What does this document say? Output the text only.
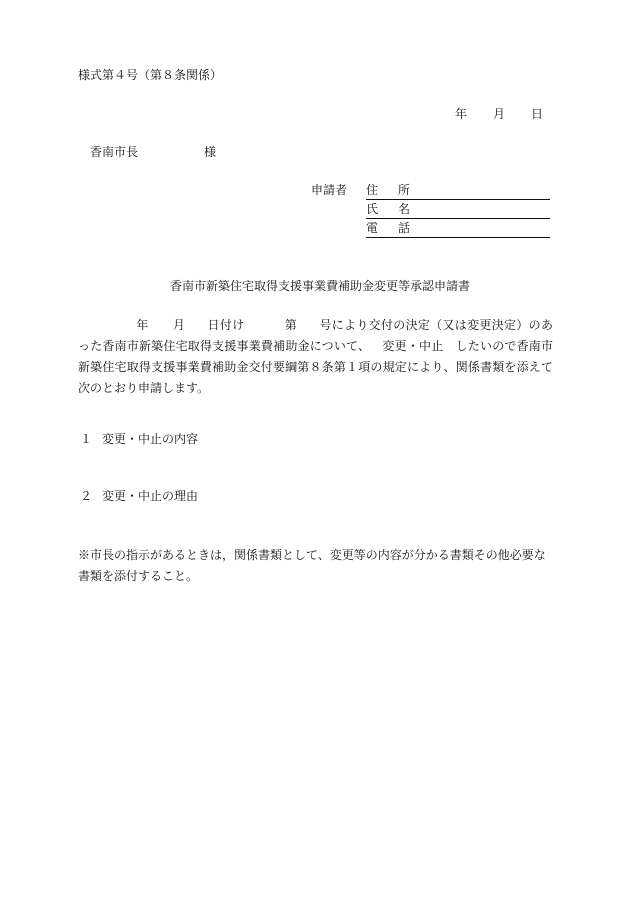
様式第４号（第８条関係）
年 月 日
香南市長	様
申請者 住 所
氏 名
電 話
香南市新築住宅取得支援事業費補助金変更等承認申請書
年 月 日付け	第 号により交付の決定（又は変更決定）のあった香南市新築住宅取得支援事業費補助金について、 変更・中止 したいので香南市新築住宅取得支援事業費補助金交付要綱第８条第１項の規定により、関係書類を添えて次のとおり申請します。
１ 変更・中止の内容
２ 変更・中止の理由
※市長の指示があるときは，関係書類として、変更等の内容が分かる書類その他必要な書類を添付すること。
